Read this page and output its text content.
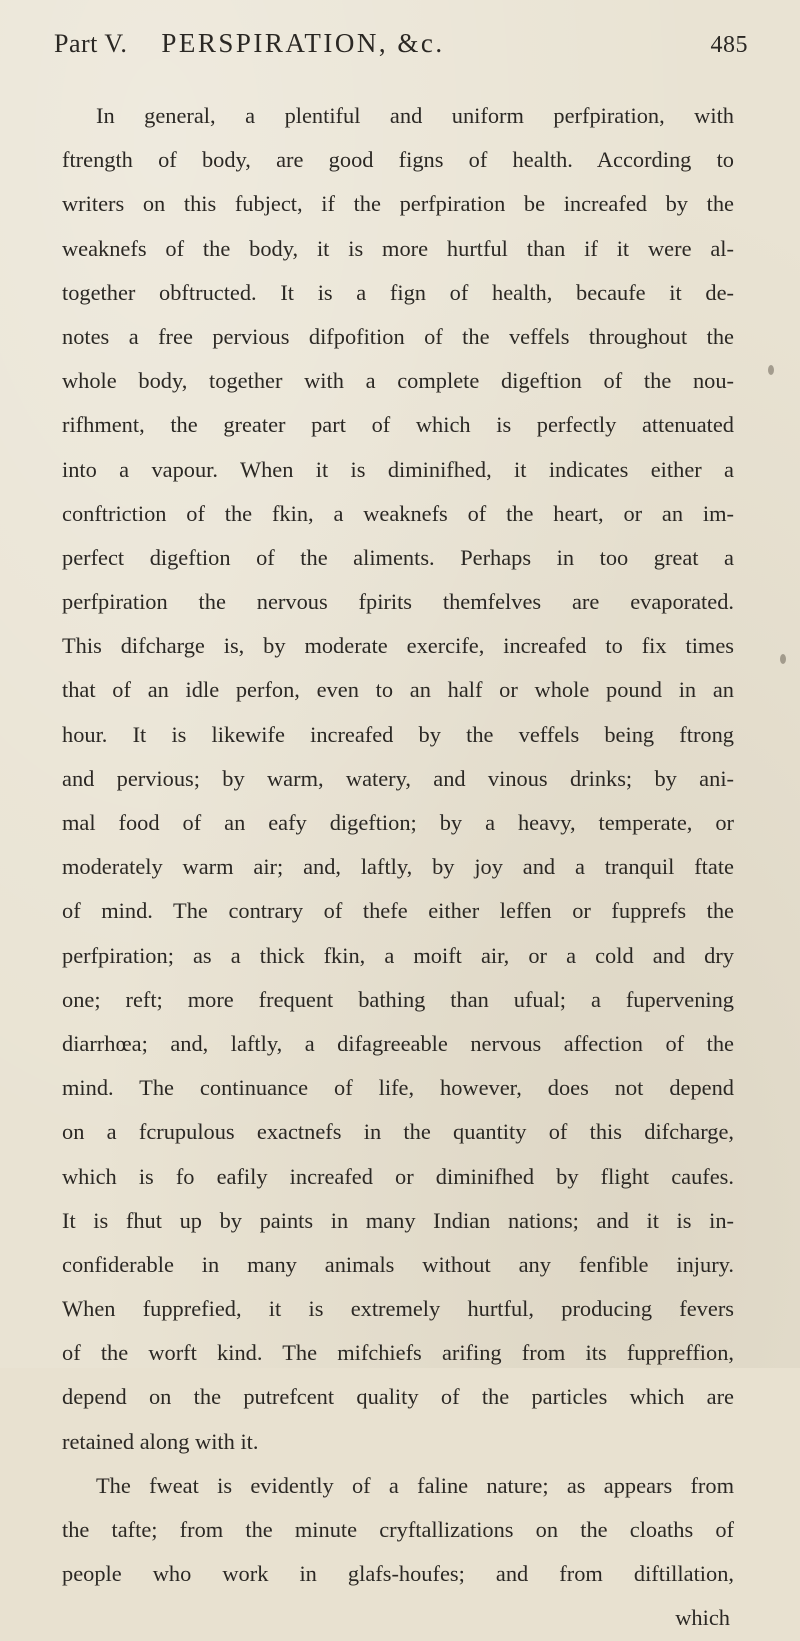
Part V.	PERSPIRATION, &c.	485
In general, a plentiful and uniform perfpiration, with
ftrength of body, are good figns of health. According to
writers on this fubject, if the perfpiration be increafed by the
weaknefs of the body, it is more hurtful than if it were al-
together obftructed. It is a fign of health, becaufe it de-
notes a free pervious difpofition of the veffels throughout the
whole body, together with a complete digeftion of the nou-
rifhment, the greater part of which is perfectly attenuated
into a vapour. When it is diminifhed, it indicates either a
conftriction of the fkin, a weaknefs of the heart, or an im-
perfect digeftion of the aliments. Perhaps in too great a
perfpiration the nervous fpirits themfelves are evaporated.
This difcharge is, by moderate exercife, increafed to fix times
that of an idle perfon, even to an half or whole pound in an
hour. It is likewife increafed by the veffels being ftrong
and pervious; by warm, watery, and vinous drinks; by ani-
mal food of an eafy digeftion; by a heavy, temperate, or
moderately warm air; and, laftly, by joy and a tranquil ftate
of mind. The contrary of thefe either leffen or fupprefs the
perfpiration; as a thick fkin, a moift air, or a cold and dry
one; reft; more frequent bathing than ufual; a fupervening
diarrhœa; and, laftly, a difagreeable nervous affection of the
mind. The continuance of life, however, does not depend
on a fcrupulous exactnefs in the quantity of this difcharge,
which is fo eafily increafed or diminifhed by flight caufes.
It is fhut up by paints in many Indian nations; and it is in-
confiderable in many animals without any fenfible injury.
When fupprefied, it is extremely hurtful, producing fevers
of the worft kind. The mifchiefs arifing from its fuppreffion,
depend on the putrefcent quality of the particles which are
retained along with it.
The fweat is evidently of a faline nature; as appears from
the tafte; from the minute cryftallizations on the cloaths of
people who work in glafs-houfes; and from diftillation,
which
